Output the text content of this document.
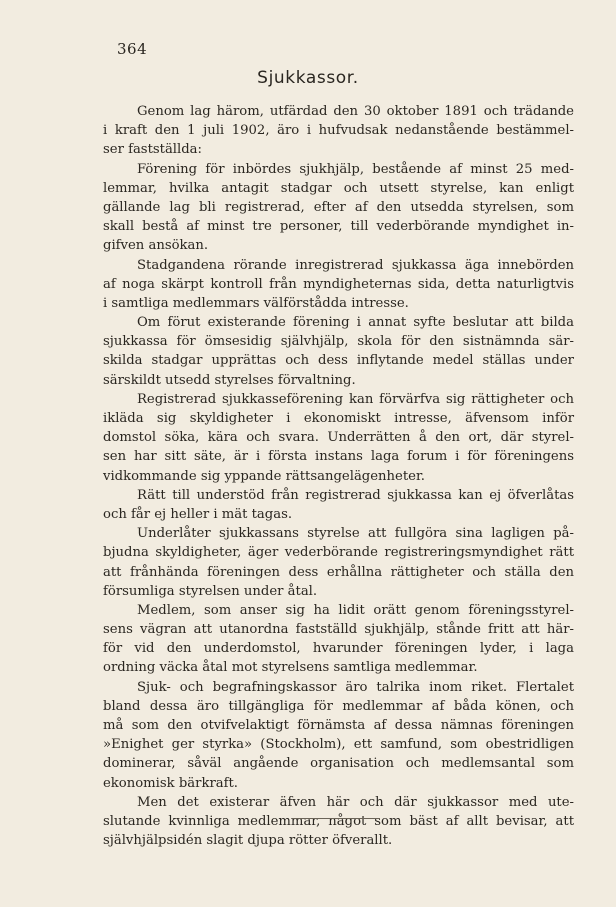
364
Sjukkassor.
Genom lag härom, utfärdad den 30 oktober 1891 och trädande
i kraft den 1 juli 1902, äro i hufvudsak nedanstående bestämmel-
ser fastställda:
Förening för inbördes sjukhjälp, bestående af minst 25 med-
lemmar, hvilka antagit stadgar och utsett styrelse, kan enligt
gällande lag bli registrerad, efter af den utsedda styrelsen, som
skall bestå af minst tre personer, till vederbörande myndighet in-
gifven ansökan.
Stadgandena rörande inregistrerad sjukkassa äga innebörden
af noga skärpt kontroll från myndigheternas sida, detta naturligtvis
i samtliga medlemmars välförstådda intresse.
Om förut existerande förening i annat syfte beslutar att bilda
sjukkassa för ömsesidig självhjälp, skola för den sistnämnda sär-
skilda stadgar upprättas och dess inflytande medel ställas under
särskildt utsedd styrelses förvaltning.
Registrerad sjukkasseförening kan förvärfva sig rättigheter och
ikläda sig skyldigheter i ekonomiskt intresse, äfvensom inför
domstol söka, kära och svara. Underrätten å den ort, där styrel-
sen har sitt säte, är i första instans laga forum i för föreningens
vidkommande sig yppande rättsangelägenheter.
Rätt till understöd från registrerad sjukkassa kan ej öfverlåtas
och får ej heller i mät tagas.
Underlåter sjukkassans styrelse att fullgöra sina lagligen på-
bjudna skyldigheter, äger vederbörande registreringsmyndighet rätt
att frånhända föreningen dess erhållna rättigheter och ställa den
försumliga styrelsen under åtal.
Medlem, som anser sig ha lidit orätt genom föreningsstyrel-
sens vägran att utanordna fastställd sjukhjälp, stånde fritt att här-
för vid den underdomstol, hvarunder föreningen lyder, i laga
ordning väcka åtal mot styrelsens samtliga medlemmar.
Sjuk- och begrafningskassor äro talrika inom riket. Flertalet
bland dessa äro tillgängliga för medlemmar af båda könen, och
må som den otvifvelaktigt förnämsta af dessa nämnas föreningen
»Enighet ger styrka» (Stockholm), ett samfund, som obestridligen
dominerar, såväl angående organisation och medlemsantal som
ekonomisk bärkraft.
Men det existerar äfven här och där sjukkassor med ute-
slutande kvinnliga medlemmar, något som bäst af allt bevisar, att
självhjälpsidén slagit djupa rötter öfverallt.
